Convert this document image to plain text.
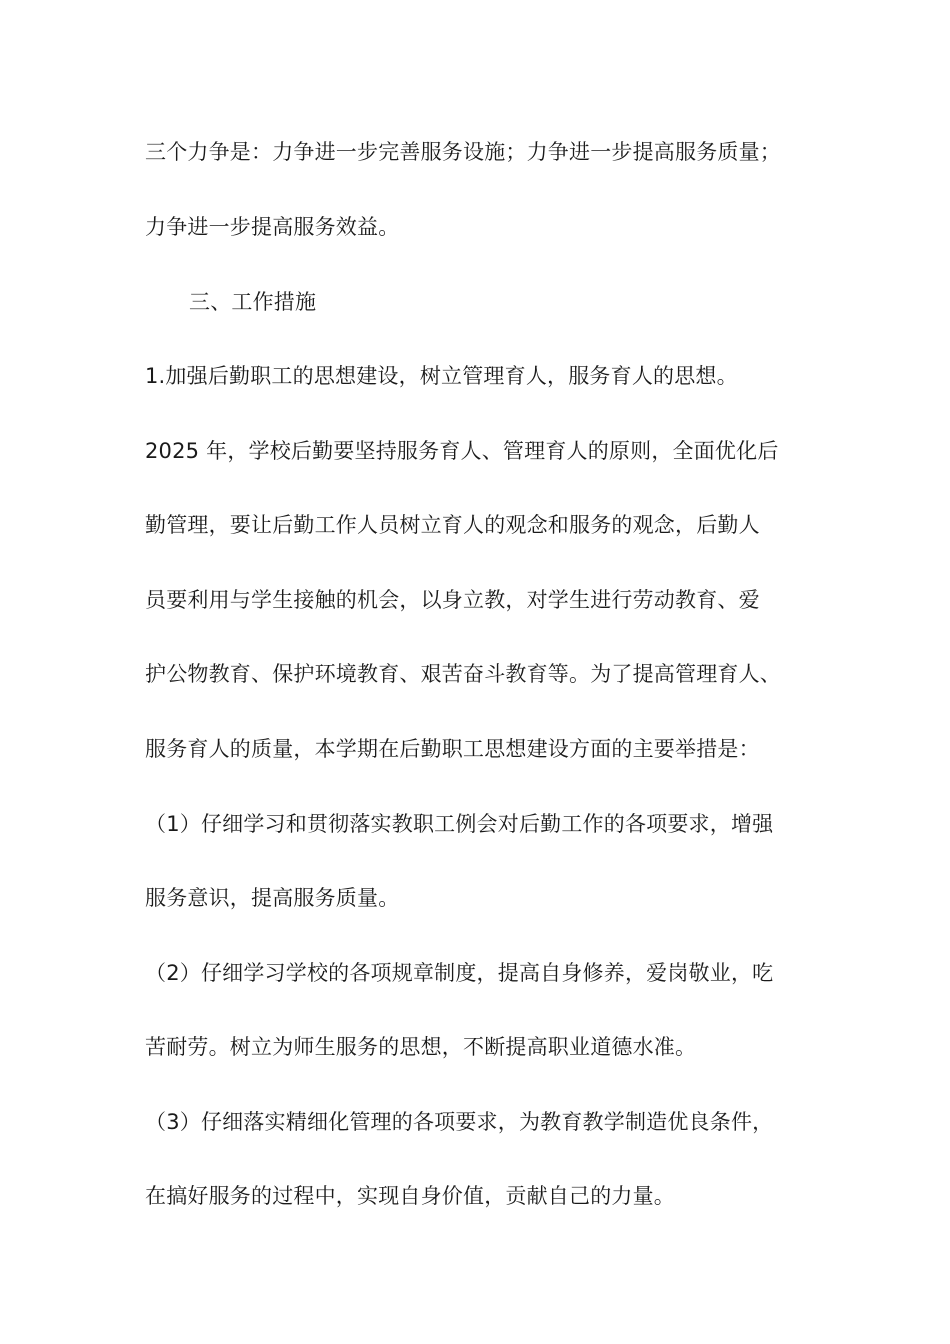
三个力争是：力争进一步完善服务设施；力争进一步提高服务质量；
力争进一步提高服务效益。
三、工作措施
1.加强后勤职工的思想建设，树立管理育人，服务育人的思想。
2025 年，学校后勤要坚持服务育人、管理育人的原则，全面优化后
勤管理，要让后勤工作人员树立育人的观念和服务的观念，后勤人
员要利用与学生接触的机会，以身立教，对学生进行劳动教育、爱
护公物教育、保护环境教育、艰苦奋斗教育等。为了提高管理育人、
服务育人的质量，本学期在后勤职工思想建设方面的主要举措是：
（1）仔细学习和贯彻落实教职工例会对后勤工作的各项要求，增强
服务意识，提高服务质量。
（2）仔细学习学校的各项规章制度，提高自身修养，爱岗敬业，吃
苦耐劳。树立为师生服务的思想，不断提高职业道德水准。
（3）仔细落实精细化管理的各项要求，为教育教学制造优良条件，
在搞好服务的过程中，实现自身价值，贡献自己的力量。
